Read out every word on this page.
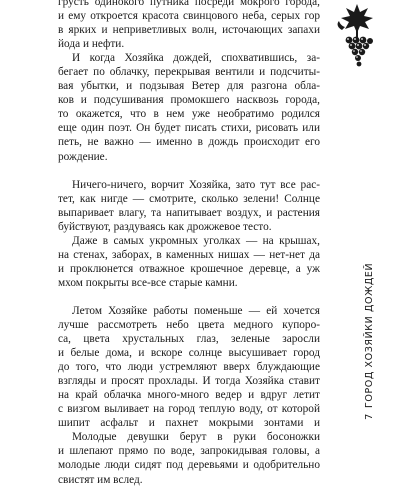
грусть одинокого путника посреди мокрого города,
и ему откроется красота свинцового неба, серых гор
в ярких и неприветливых волн, источающих запахи
йода и нефти.

И когда Хозяйка дождей, спохватившись, за-
бегает по облачку, перекрывая вентили и подсчиты-
вая убытки, и подзывая Ветер для разгона обла-
ков и подсушивания промокшего насквозь города,
то окажется, что в нем уже необратимо родился
еще один поэт. Он будет писать стихи, рисовать или
петь, не важно — именно в дождь происходит его
рождение.

Ничего-ничего, ворчит Хозяйка, зато тут все рас-
тет, как нигде — смотрите, сколько зелени! Солнце
выпаривает влагу, та напитывает воздух, и растения
буйствуют, раздуваясь как дрожжевое тесто.

Даже в самых укромных уголках — на крышах,
на стенах, заборах, в каменных нишах — нет-нет да
и проклюнется отважное крошечное деревце, а уж
мхом покрыты все-все старые камни.

Летом Хозяйке работы поменьше — ей хочется
лучше рассмотреть небо цвета медного купоро-
са, цвета хрустальных глаз, зеленые заросли
и белые дома, и вскоре солнце высушивает город
до того, что люди устремляют вверх блуждающие
взгляды и просят прохлады. И тогда Хозяйка ставит
на край облачка много-много ведер и вдруг летит
с визгом выливает на город теплую воду, от которой
шипит асфальт и пахнет мокрыми зонтами и
Молодые девушки берут в руки босоножки
и шлепают прямо по воде, запрокидывая головы, а
молодые люди сидят под деревьями и одобрительно
свистят им вслед.

ГОРОД ХОЗЯЙКИ ДОЖДЕЙ
7
